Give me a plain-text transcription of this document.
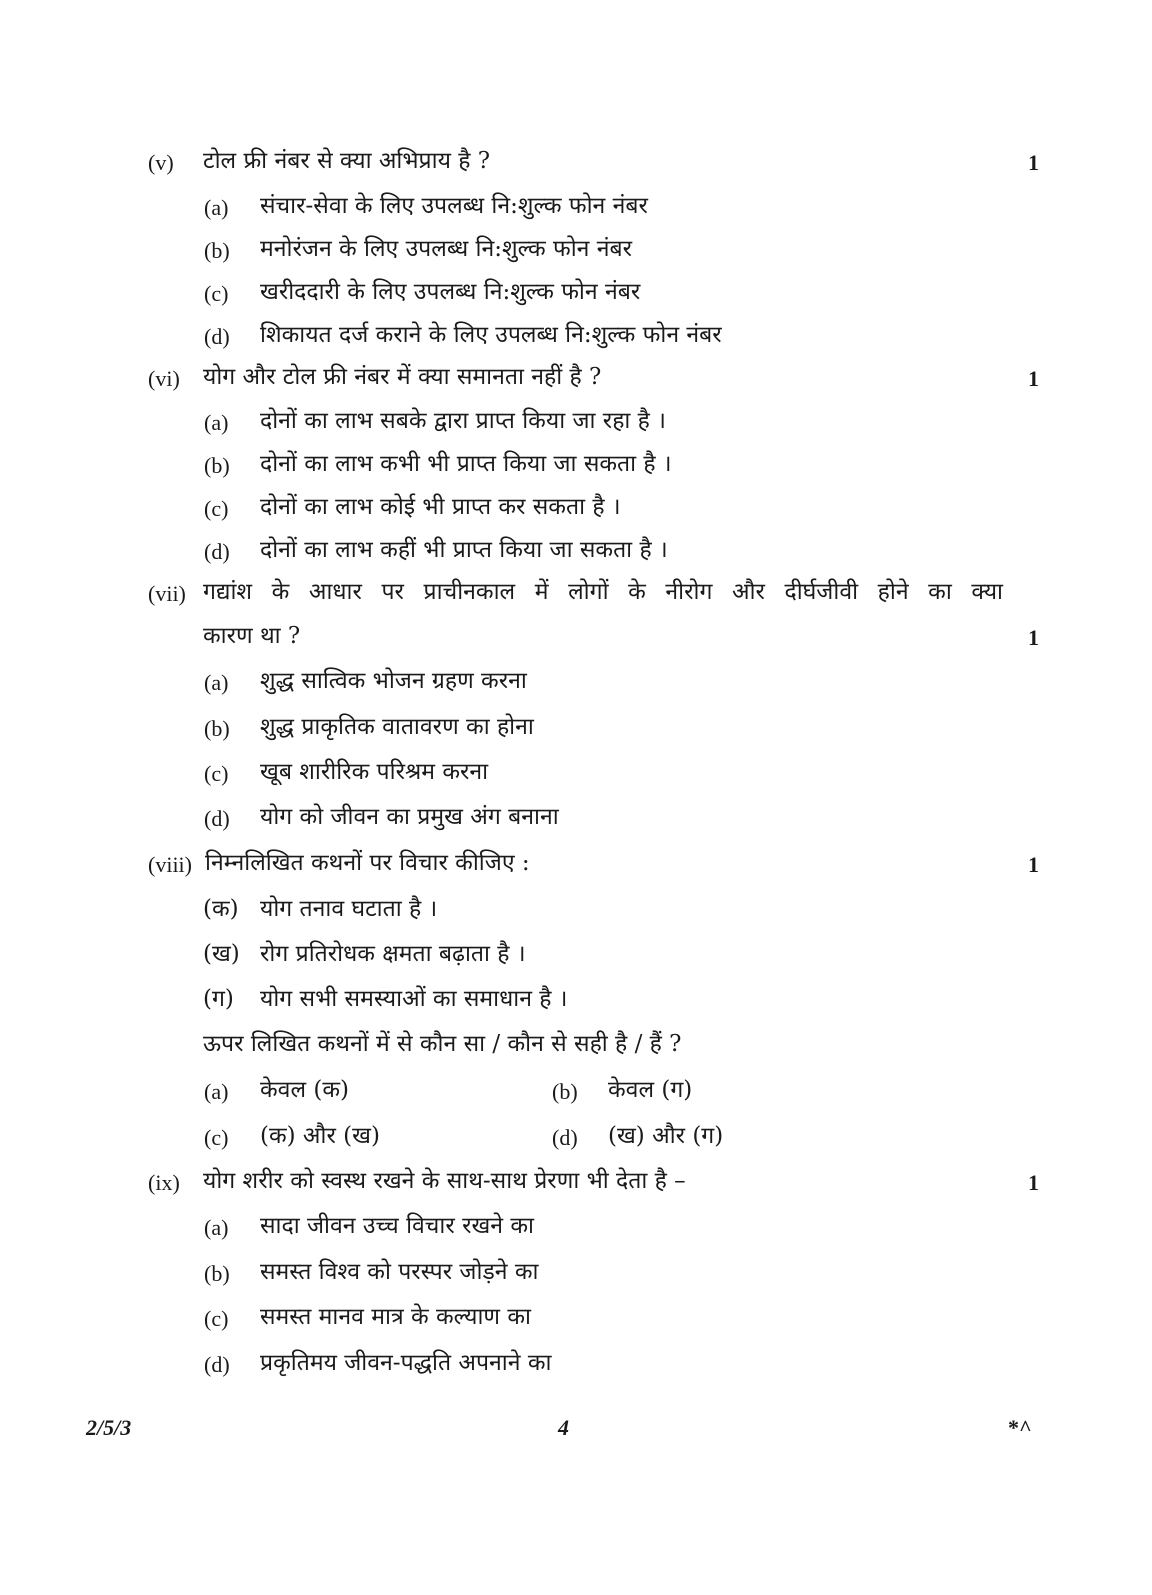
(v) टोल फ्री नंबर से क्या अभिप्राय है ?	1
(a) संचार-सेवा के लिए उपलब्ध नि:शुल्क फोन नंबर
(b) मनोरंजन के लिए उपलब्ध नि:शुल्क फोन नंबर
(c) खरीददारी के लिए उपलब्ध नि:शुल्क फोन नंबर
(d) शिकायत दर्ज कराने के लिए उपलब्ध नि:शुल्क फोन नंबर
(vi) योग और टोल फ्री नंबर में क्या समानता नहीं है ?	1
(a) दोनों का लाभ सबके द्वारा प्राप्त किया जा रहा है ।
(b) दोनों का लाभ कभी भी प्राप्त किया जा सकता है ।
(c) दोनों का लाभ कोई भी प्राप्त कर सकता है ।
(d) दोनों का लाभ कहीं भी प्राप्त किया जा सकता है ।
(vii) गद्यांश के आधार पर प्राचीनकाल में लोगों के नीरोग और दीर्घजीवी होने का क्या
कारण था ?	1
(a) शुद्ध सात्विक भोजन ग्रहण करना
(b) शुद्ध प्राकृतिक वातावरण का होना
(c) खूब शारीरिक परिश्रम करना
(d) योग को जीवन का प्रमुख अंग बनाना
(viii) निम्नलिखित कथनों पर विचार कीजिए :	1
(क) योग तनाव घटाता है ।
(ख) रोग प्रतिरोधक क्षमता बढ़ाता है ।
(ग) योग सभी समस्याओं का समाधान है ।
ऊपर लिखित कथनों में से कौन सा / कौन से सही है / हैं ?
(a) केवल (क)	(b) केवल (ग)
(c) (क) और (ख)	(d) (ख) और (ग)
(ix) योग शरीर को स्वस्थ रखने के साथ-साथ प्रेरणा भी देता है –	1
(a) सादा जीवन उच्च विचार रखने का
(b) समस्त विश्व को परस्पर जोड़ने का
(c) समस्त मानव मात्र के कल्याण का
(d) प्रकृतिमय जीवन-पद्धति अपनाने का
2/5/3	4	*^
